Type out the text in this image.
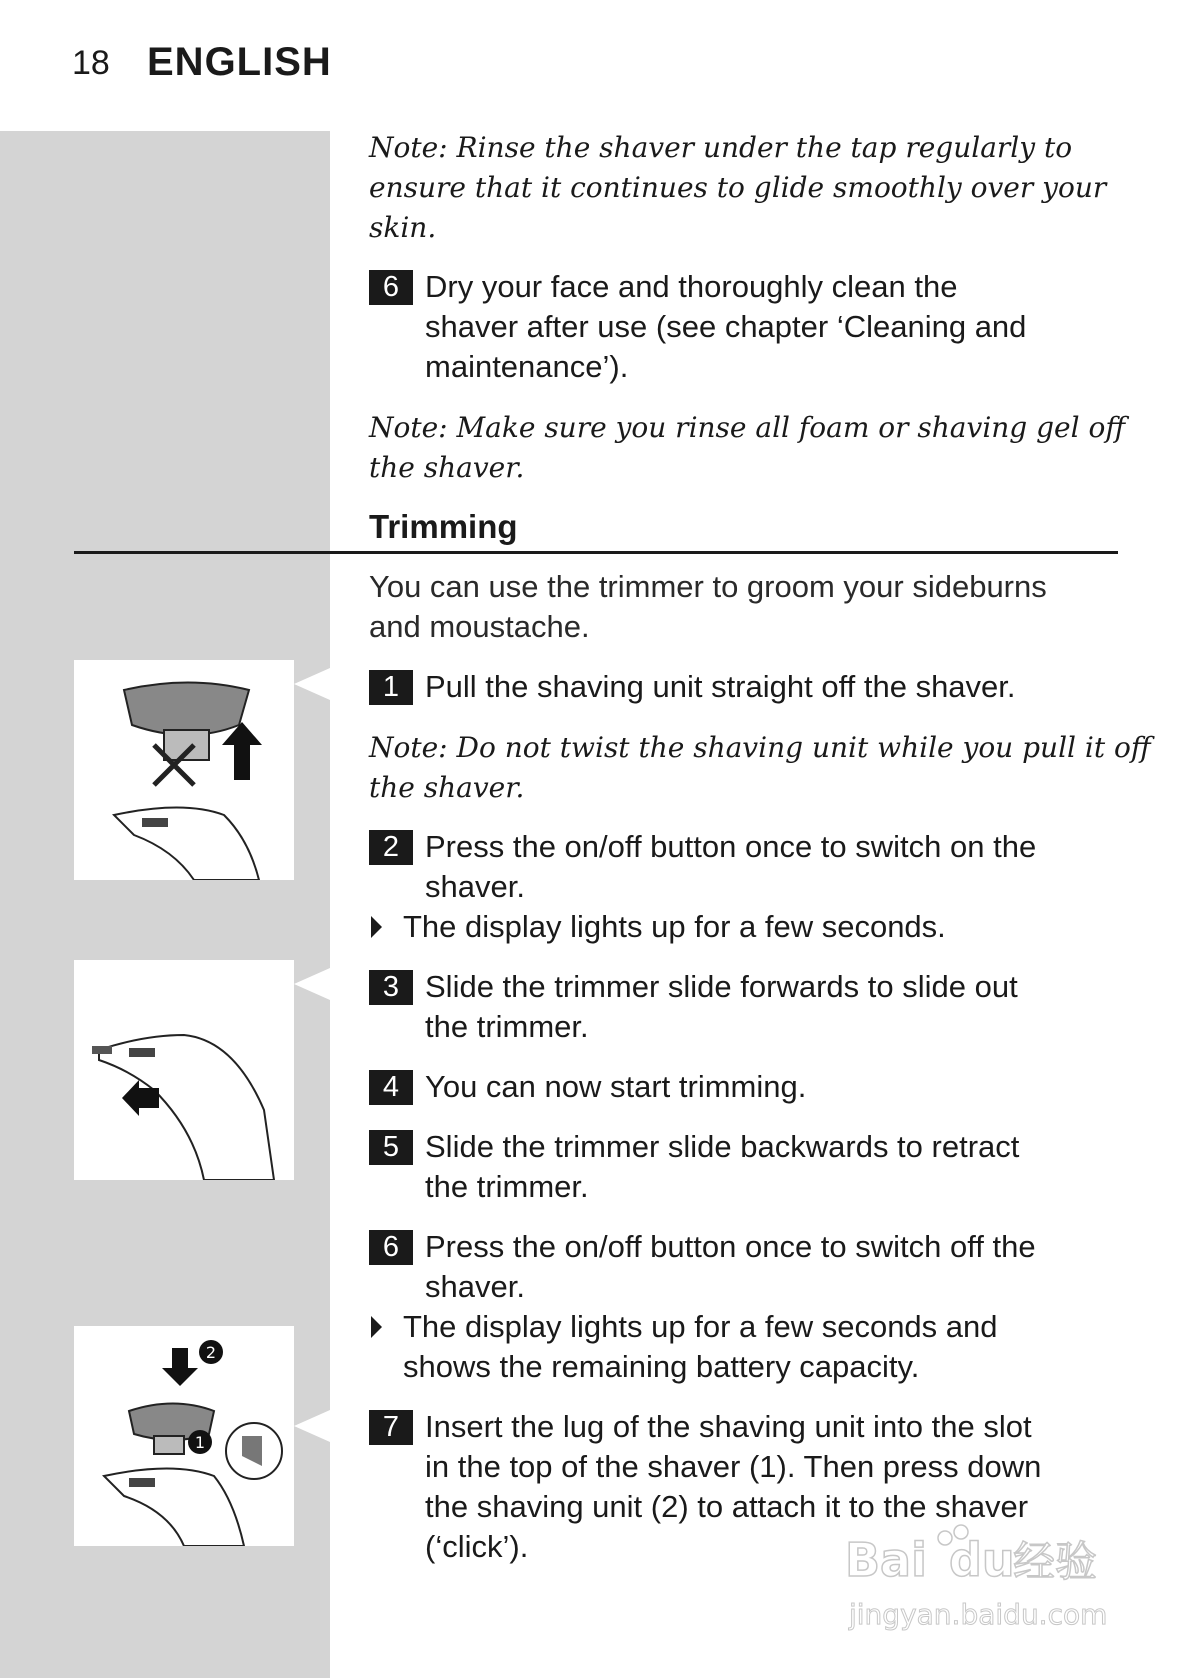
18 ENGLISH
2
1
Note: Rinse the shaver under the tap regularly to
ensure that it continues to glide smoothly over your
skin.
6 Dry your face and thoroughly clean the
shaver after use (see chapter ‘Cleaning and
maintenance’).
Note: Make sure you rinse all foam or shaving gel off
the shaver.
Trimming
You can use the trimmer to groom your sideburns
and moustache.
1 Pull the shaving unit straight off the shaver.
Note: Do not twist the shaving unit while you pull it off
the shaver.
2 Press the on/off button once to switch on the
shaver.
The display lights up for a few seconds.
3 Slide the trimmer slide forwards to slide out
the trimmer.
4 You can now start trimming.
5 Slide the trimmer slide backwards to retract
the trimmer.
6 Press the on/off button once to switch off the
shaver.
The display lights up for a few seconds and
shows the remaining battery capacity.
7 Insert the lug of the shaving unit into the slot
in the top of the shaver (1). Then press down
the shaving unit (2) to attach it to the shaver
(‘click’).	Bai du
经验
jingyan.baidu.com
